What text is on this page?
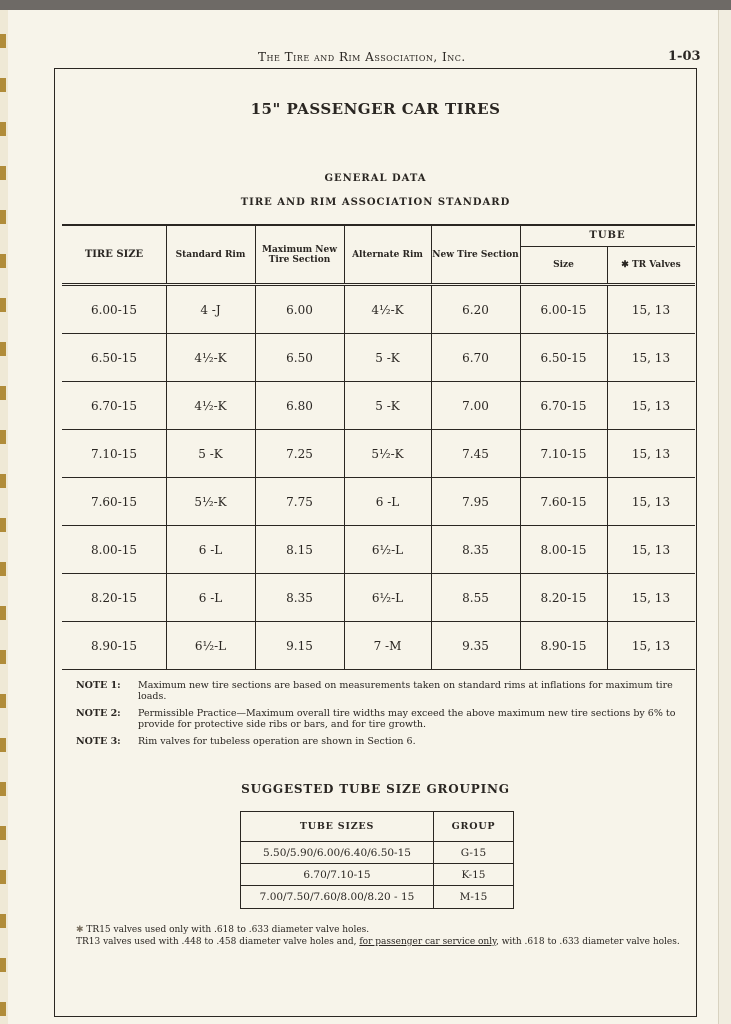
The Tire and Rim Association, Inc.	1-03
15" PASSENGER CAR TIRES
GENERAL DATA
TIRE AND RIM ASSOCIATION STANDARD
TIRE SIZE	Standard Rim	Maximum New Tire Section	Alternate Rim	New Tire Section
TUBE
Size	✱ TR Valves
6.00-15	4 -J	6.00	4½-K	6.20	6.00-15	15, 13
6.50-15	4½-K	6.50	5 -K	6.70	6.50-15	15, 13
6.70-15	4½-K	6.80	5 -K	7.00	6.70-15	15, 13
7.10-15	5 -K	7.25	5½-K	7.45	7.10-15	15, 13
7.60-15	5½-K	7.75	6 -L	7.95	7.60-15	15, 13
8.00-15	6 -L	8.15	6½-L	8.35	8.00-15	15, 13
8.20-15	6 -L	8.35	6½-L	8.55	8.20-15	15, 13
8.90-15	6½-L	9.15	7 -M	9.35	8.90-15	15, 13
NOTE 1:	Maximum new tire sections are based on measurements taken on standard rims at inflations for maximum tire loads.
NOTE 2:	Permissible Practice—Maximum overall tire widths may exceed the above maximum new tire sections by 6% to provide for protective side ribs or bars, and for tire growth.
NOTE 3:	Rim valves for tubeless operation are shown in Section 6.
SUGGESTED TUBE SIZE GROUPING
TUBE SIZES	GROUP
5.50/5.90/6.00/6.40/6.50-15	G-15
6.70/7.10-15	K-15
7.00/7.50/7.60/8.00/8.20 - 15	M-15
✱ TR15 valves used only with .618 to .633 diameter valve holes.
TR13 valves used with .448 to .458 diameter valve holes and, for passenger car service only, with .618 to .633 diameter valve holes.
